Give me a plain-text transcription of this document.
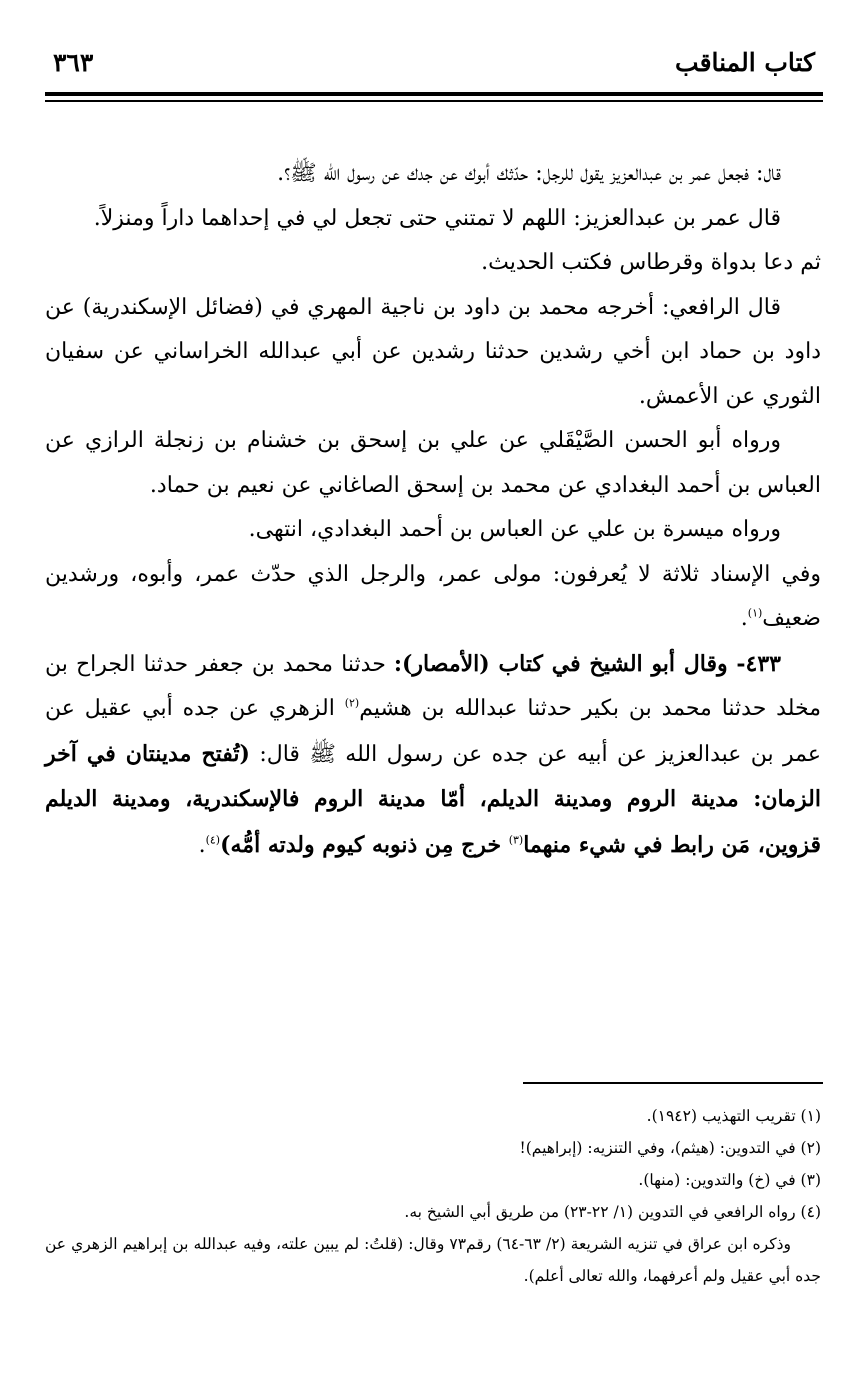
كتاب المناقب
٣٦٣

قال: فجعل عمر بن عبدالعزيز يقول للرجل: حدّثك أبوك عن جدك عن رسول الله ﷺ؟.

قال عمر بن عبدالعزيز: اللهم لا تمتني حتى تجعل لي في إحداهما داراً ومنزلاً.

ثم دعا بدواة وقرطاس فكتب الحديث.

قال الرافعي: أخرجه محمد بن داود بن ناجية المهري في (فضائل الإسكندرية) عن داود بن حماد ابن أخي رشدين حدثنا رشدين عن أبي عبدالله الخراساني عن سفيان الثوري عن الأعمش.

ورواه أبو الحسن الصَّيْقَلي عن علي بن إسحق بن خشنام بن زنجلة الرازي عن العباس بن أحمد البغدادي عن محمد بن إسحق الصاغاني عن نعيم بن حماد.

ورواه ميسرة بن علي عن العباس بن أحمد البغدادي، انتهى.

وفي الإسناد ثلاثة لا يُعرفون: مولى عمر، والرجل الذي حدّث عمر، وأبوه، ورشدين ضعيف$^{(١)}$.

٤٣٣- وقال أبو الشيخ في كتاب (الأمصار): حدثنا محمد بن جعفر حدثنا الجراح بن مخلد حدثنا محمد بن بكير حدثنا عبدالله بن هشيم$^{(٢)}$ الزهري عن جده أبي عقيل عن عمر بن عبدالعزيز عن أبيه عن جده عن رسول الله ﷺ قال: (تُفتح مدينتان في آخر الزمان: مدينة الروم ومدينة الديلم، أمّا مدينة الروم فالإسكندرية، ومدينة الديلم قزوين، مَن رابط في شيء منهما$^{(٣)}$ خرج مِن ذنوبه كيوم ولدته أمُّه)$^{(٤)}$.

(١) تقريب التهذيب (١٩٤٢).

(٢) في التدوين: (هيثم)، وفي التنزيه: (إبراهيم)!

(٣) في (خ) والتدوين: (منها).

(٤) رواه الرافعي في التدوين (١/ ٢٢-٢٣) من طريق أبي الشيخ به.

وذكره ابن عراق في تنزيه الشريعة (٢/ ٦٣-٦٤) رقم٧٣ وقال: (قلتُ: لم يبين علته، وفيه عبدالله بن إبراهيم الزهري عن جده أبي عقيل ولم أعرفهما، والله تعالى أعلم).
